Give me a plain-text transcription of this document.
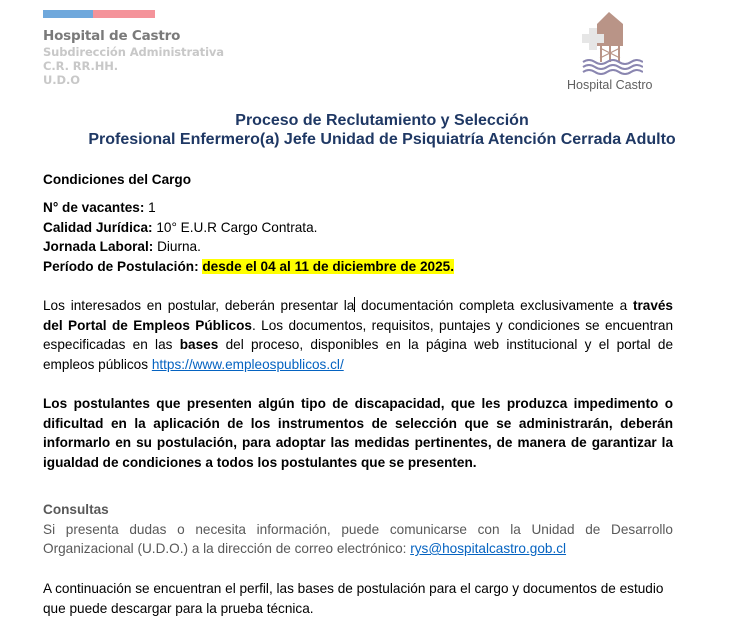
Hospital de Castro
Subdirección Administrativa
C.R. RR.HH.
U.D.O	Hospital Castro
Proceso de Reclutamiento y Selección
Profesional Enfermero(a) Jefe Unidad de Psiquiatría Atención Cerrada Adulto
Condiciones del Cargo
N° de vacantes: 1
Calidad Jurídica: 10° E.U.R Cargo Contrata.
Jornada Laboral: Diurna.
Período de Postulación: desde el 04 al 11 de diciembre de 2025.
Los interesados en postular, deberán presentar la documentación completa exclusivamente a través del Portal de Empleos Públicos. Los documentos, requisitos, puntajes y condiciones se encuentran especificadas en las bases del proceso, disponibles en la página web institucional y el portal de empleos públicos https://www.empleospublicos.cl/
Los postulantes que presenten algún tipo de discapacidad, que les produzca impedimento o dificultad en la aplicación de los instrumentos de selección que se administrarán, deberán informarlo en su postulación, para adoptar las medidas pertinentes, de manera de garantizar la igualdad de condiciones a todos los postulantes que se presenten.
Consultas
Si presenta dudas o necesita información, puede comunicarse con la Unidad de Desarrollo Organizacional (U.D.O.) a la dirección de correo electrónico: rys@hospitalcastro.gob.cl
A continuación se encuentran el perfil, las bases de postulación para el cargo y documentos de estudio que puede descargar para la prueba técnica.
